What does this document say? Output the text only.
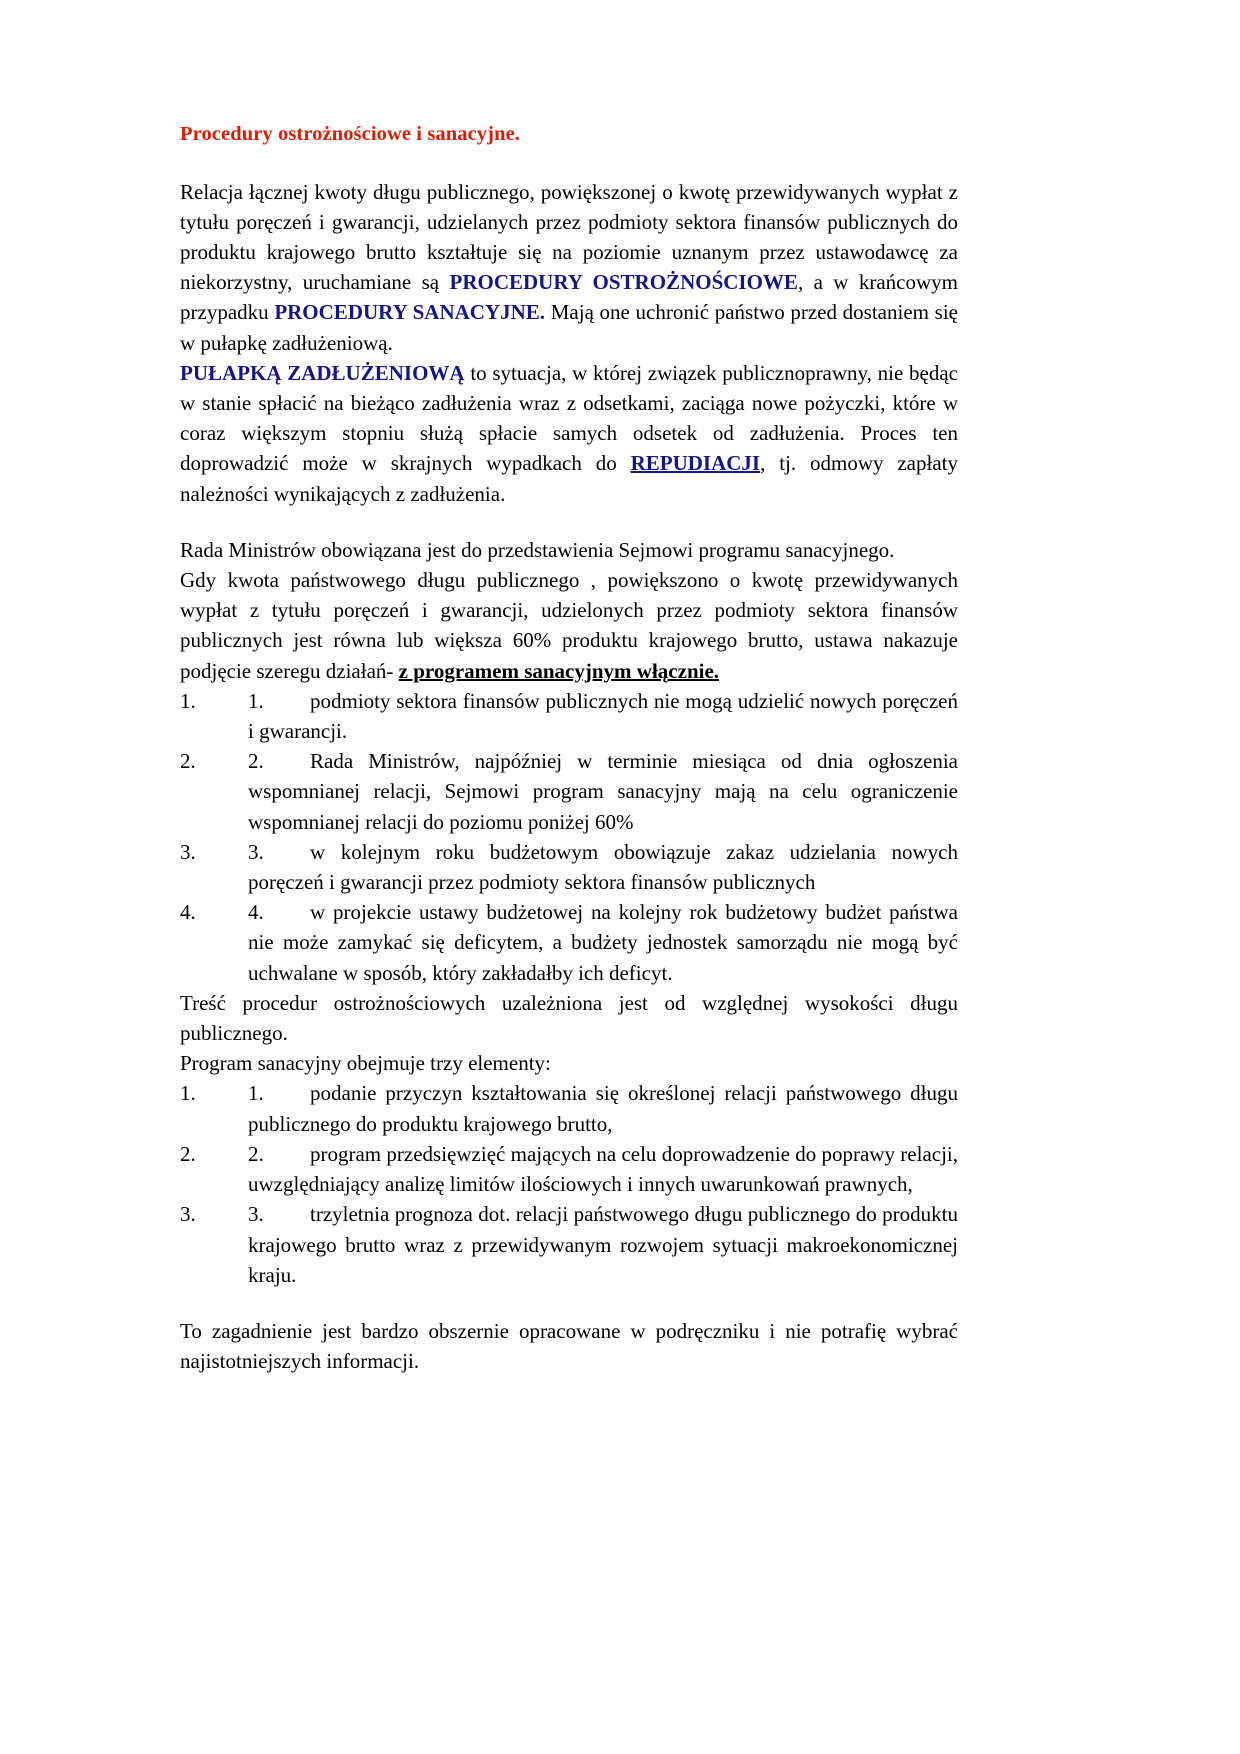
Procedury ostrożnościowe i sanacyjne.

Relacja łącznej kwoty długu publicznego, powiększonej o kwotę przewidywanych wypłat z tytułu poręczeń i gwarancji, udzielanych przez podmioty sektora finansów publicznych do produktu krajowego brutto kształtuje się na poziomie uznanym przez ustawodawcę za niekorzystny, uruchamiane są PROCEDURY OSTROŻNOŚCIOWE, a w krańcowym przypadku PROCEDURY SANACYJNE. Mają one uchronić państwo przed dostaniem się w pułapkę zadłużeniową.

PUŁAPKĄ ZADŁUŻENIOWĄ to sytuacja, w której związek publicznoprawny, nie będąc w stanie spłacić na bieżąco zadłużenia wraz z odsetkami, zaciąga nowe pożyczki, które w coraz większym stopniu służą spłacie samych odsetek od zadłużenia. Proces ten doprowadzić może w skrajnych wypadkach do REPUDIACJI, tj. odmowy zapłaty należności wynikających z zadłużenia.

Rada Ministrów obowiązana jest do przedstawienia Sejmowi programu sanacyjnego.

Gdy kwota państwowego długu publicznego , powiększono o kwotę przewidywanych wypłat z tytułu poręczeń i gwarancji, udzielonych przez podmioty sektora finansów publicznych jest równa lub większa 60% produktu krajowego brutto, ustawa nakazuje podjęcie szeregu działań- z programem sanacyjnym włącznie.

1.	1. podmioty sektora finansów publicznych nie mogą udzielić nowych poręczeń i gwarancji.
2.	2. Rada Ministrów, najpóźniej w terminie miesiąca od dnia ogłoszenia wspomnianej relacji, Sejmowi program sanacyjny mają na celu ograniczenie wspomnianej relacji do poziomu poniżej 60%
3.	3. w kolejnym roku budżetowym obowiązuje zakaz udzielania nowych poręczeń i gwarancji przez podmioty sektora finansów publicznych
4.	4. w projekcie ustawy budżetowej na kolejny rok budżetowy budżet państwa nie może zamykać się deficytem, a budżety jednostek samorządu nie mogą być uchwalane w sposób, który zakładałby ich deficyt.

Treść procedur ostrożnościowych uzależniona jest od względnej wysokości długu publicznego.

Program sanacyjny obejmuje trzy elementy:

1.	1. podanie przyczyn kształtowania się określonej relacji państwowego długu publicznego do produktu krajowego brutto,
2.	2. program przedsięwzięć mających na celu doprowadzenie do poprawy relacji, uwzględniający analizę limitów ilościowych i innych uwarunkowań prawnych,
3.	3. trzyletnia prognoza dot. relacji państwowego długu publicznego do produktu krajowego brutto wraz z przewidywanym rozwojem sytuacji makroekonomicznej kraju.

To zagadnienie jest bardzo obszernie opracowane w podręczniku i nie potrafię wybrać najistotniejszych informacji.
